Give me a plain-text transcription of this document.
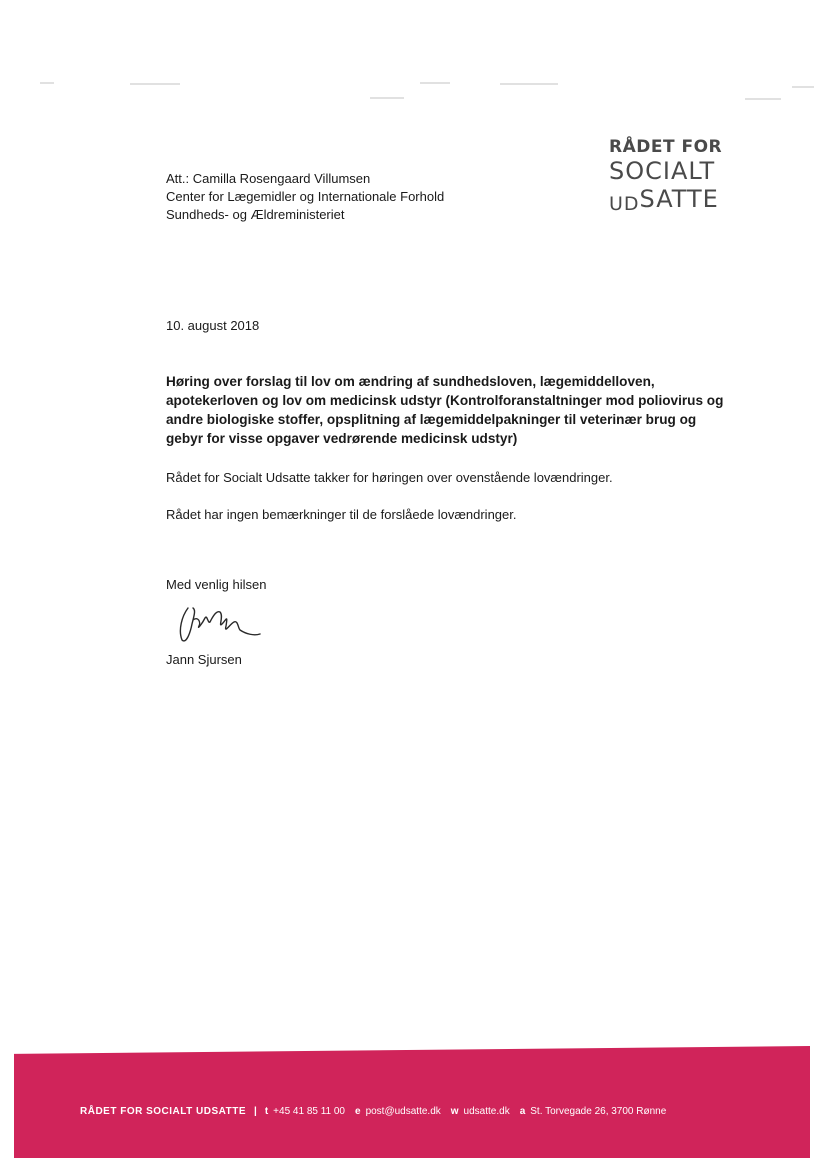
RÅDET FOR
SOCIALT
UDSATTE
Att.: Camilla Rosengaard Villumsen
Center for Lægemidler og Internationale Forhold
Sundheds- og Ældreministeriet
10. august 2018
Høring over forslag til lov om ændring af sundhedsloven, lægemiddelloven, apotekerloven og lov om medicinsk udstyr (Kontrolforanstaltninger mod poliovirus og andre biologiske stoffer, opsplitning af lægemiddelpakninger til veterinær brug og gebyr for visse opgaver vedrørende medicinsk udstyr)
Rådet for Socialt Udsatte takker for høringen over ovenstående lovændringer.
Rådet har ingen bemærkninger til de forslåede lovændringer.
Med venlig hilsen
Jann Sjursen
RÅDET FOR SOCIALT UDSATTE | t +45 41 85 11 00 e post@udsatte.dk w udsatte.dk a St. Torvegade 26, 3700 Rønne
